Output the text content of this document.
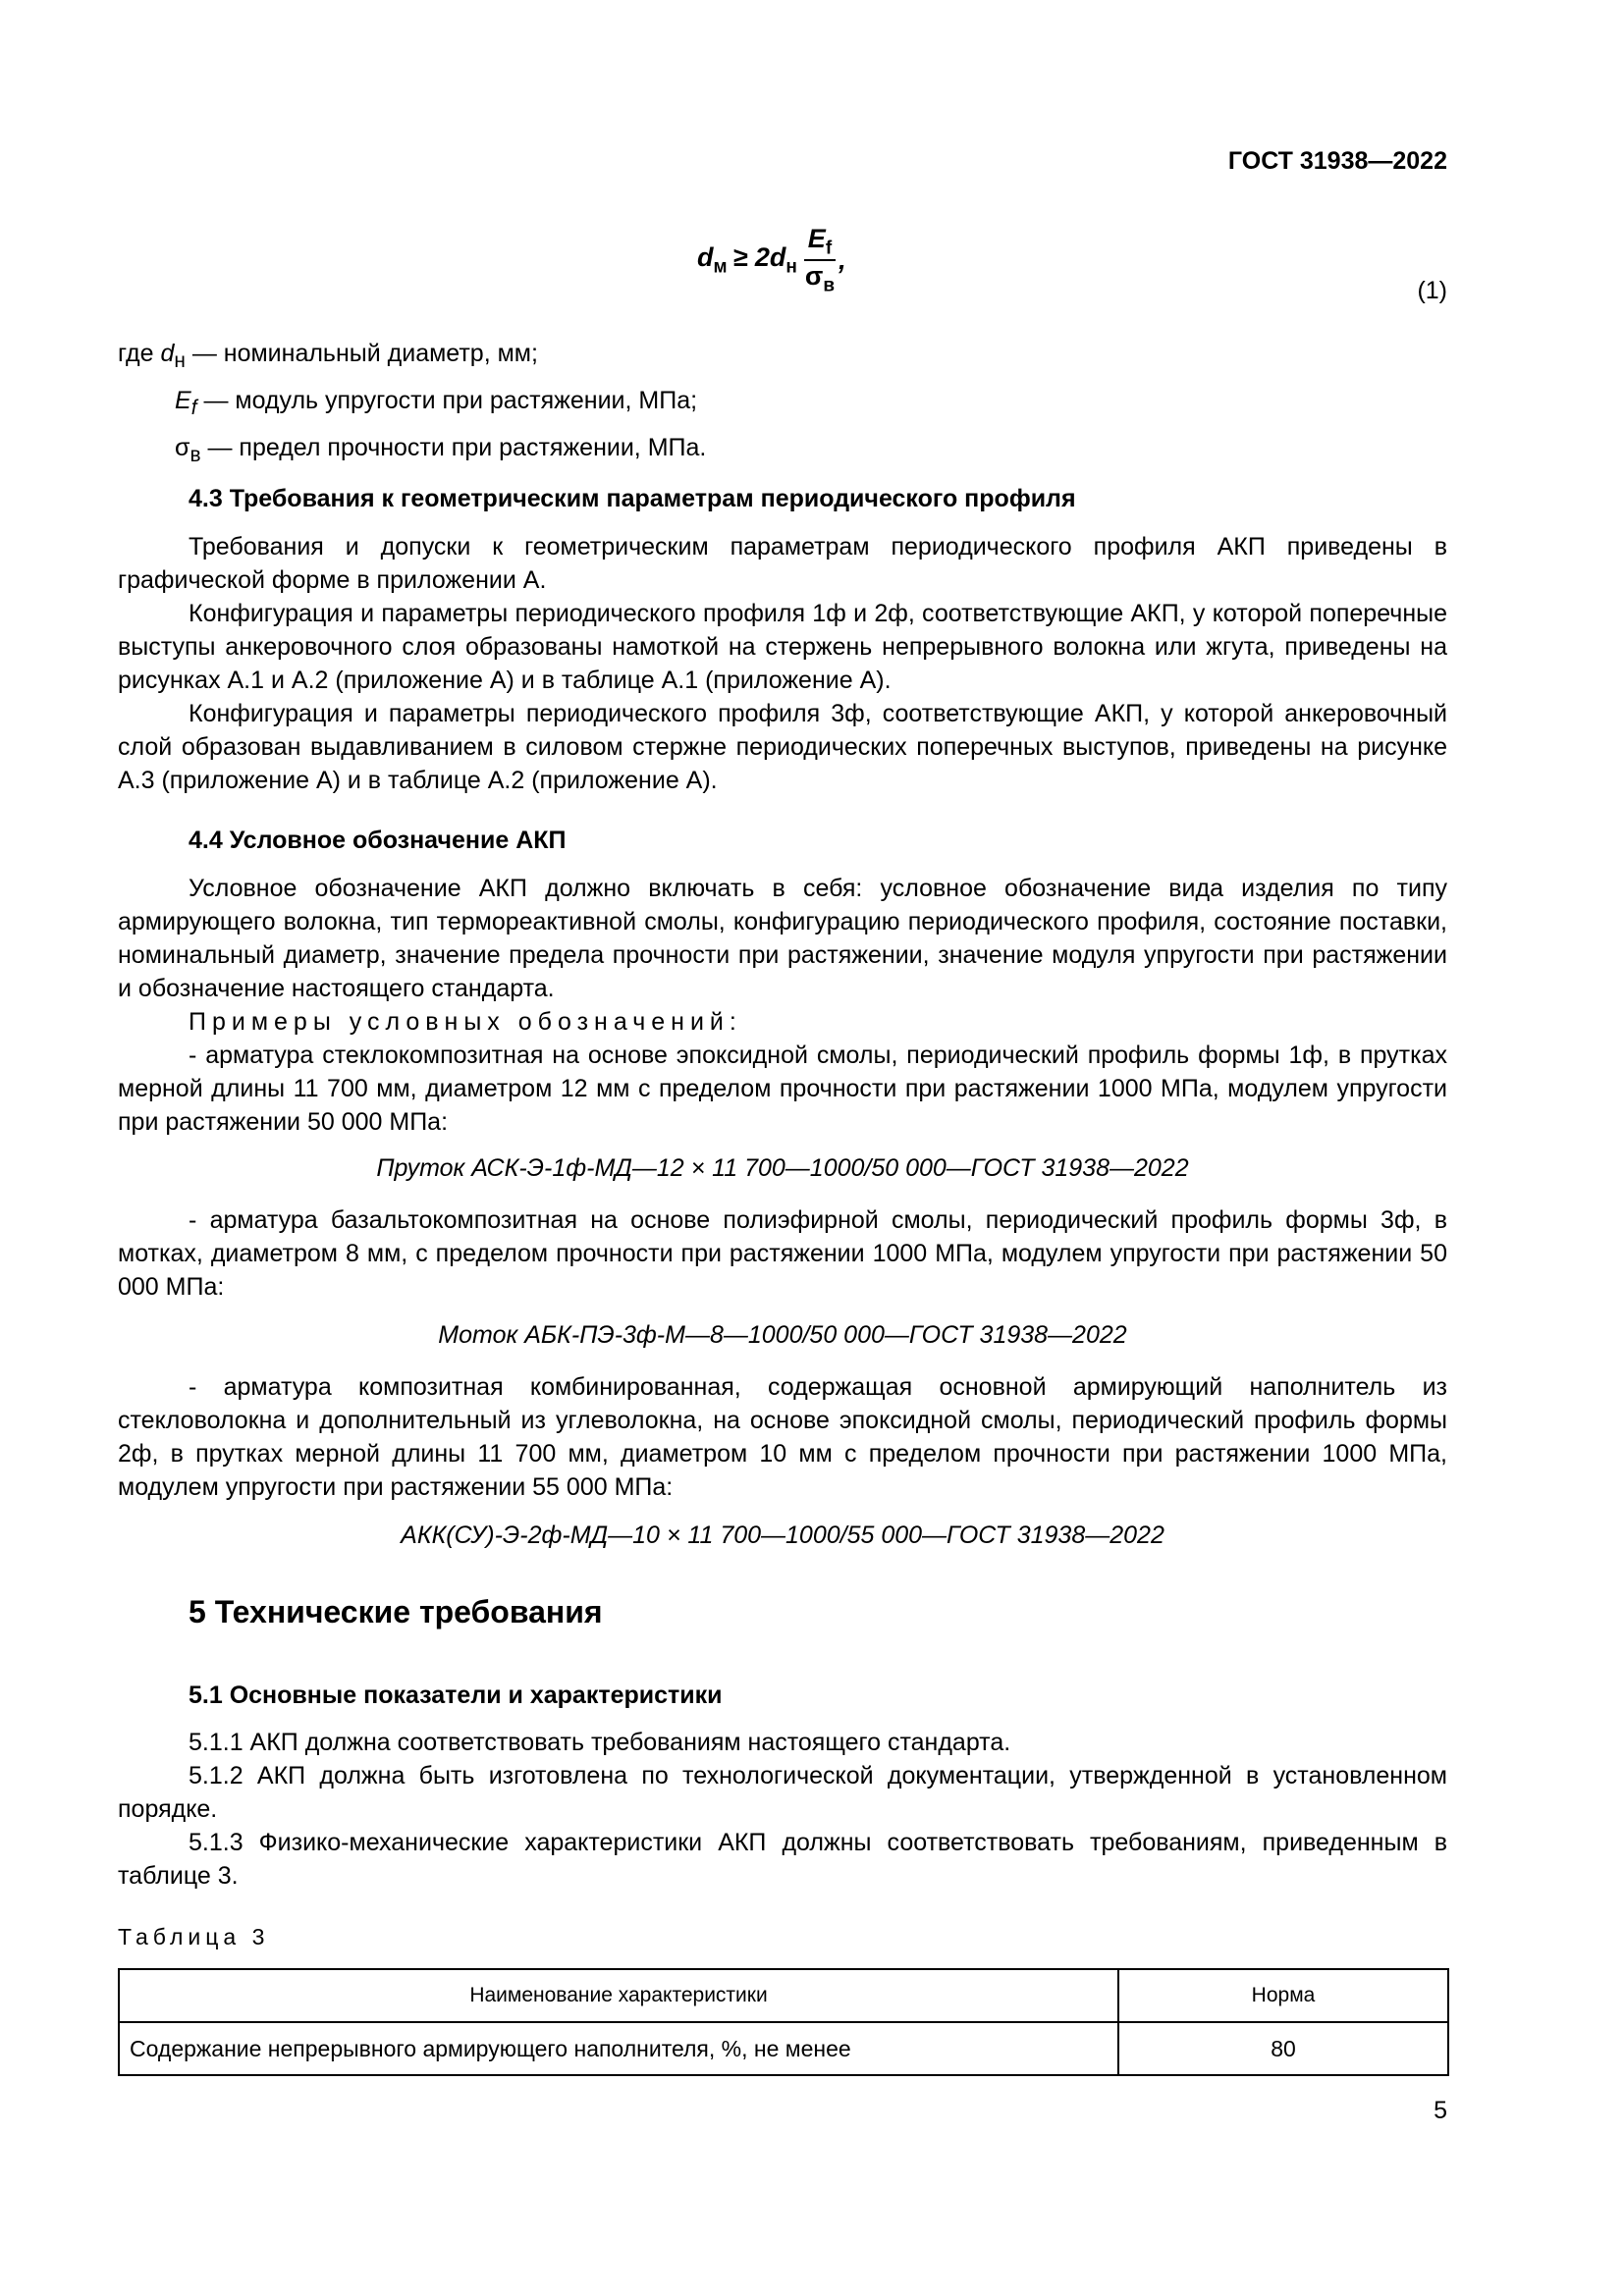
ГОСТ 31938—2022
$d_м \ge 2d_н \frac{E_f}{\sigma_в}$ ,
(1)
где $d_н$ — номинальный диаметр, мм;
$E_f$ — модуль упругости при растяжении, МПа;
$\sigma_в$ — предел прочности при растяжении, МПа.
4.3 Требования к геометрическим параметрам периодического профиля

Требования и допуски к геометрическим параметрам периодического профиля АКП приведены в графической форме в приложении А.

Конфигурация и параметры периодического профиля 1ф и 2ф, соответствующие АКП, у которой поперечные выступы анкеровочного слоя образованы намоткой на стержень непрерывного волокна или жгута, приведены на рисунках А.1 и А.2 (приложение А) и в таблице А.1 (приложение А).

Конфигурация и параметры периодического профиля 3ф, соответствующие АКП, у которой анкеровочный слой образован выдавливанием в силовом стержне периодических поперечных выступов, приведены на рисунке А.3 (приложение А) и в таблице А.2 (приложение А).

4.4 Условное обозначение АКП

Условное обозначение АКП должно включать в себя: условное обозначение вида изделия по типу армирующего волокна, тип термореактивной смолы, конфигурацию периодического профиля, состояние поставки, номинальный диаметр, значение предела прочности при растяжении, значение модуля упругости при растяжении и обозначение настоящего стандарта.

Примеры условных обозначений:

- арматура стеклокомпозитная на основе эпоксидной смолы, периодический профиль формы 1ф, в прутках мерной длины 11 700 мм, диаметром 12 мм с пределом прочности при растяжении 1000 МПа, модулем упругости при растяжении 50 000 МПа:

Пруток АСК-Э-1ф-МД—12 × 11 700—1000/50 000—ГОСТ 31938—2022

- арматура базальтокомпозитная на основе полиэфирной смолы, периодический профиль формы 3ф, в мотках, диаметром 8 мм, с пределом прочности при растяжении 1000 МПа, модулем упругости при растяжении 50 000 МПа:

Моток АБК-ПЭ-3ф-М—8—1000/50 000—ГОСТ 31938—2022

- арматура композитная комбинированная, содержащая основной армирующий наполнитель из стекловолокна и дополнительный из углеволокна, на основе эпоксидной смолы, периодический профиль формы 2ф, в прутках мерной длины 11 700 мм, диаметром 10 мм с пределом прочности при растяжении 1000 МПа, модулем упругости при растяжении 55 000 МПа:

АКК(СУ)-Э-2ф-МД—10 × 11 700—1000/55 000—ГОСТ 31938—2022
5 Технические требования
5.1 Основные показатели и характеристики

5.1.1 АКП должна соответствовать требованиям настоящего стандарта.

5.1.2 АКП должна быть изготовлена по технологической документации, утвержденной в установленном порядке.

5.1.3 Физико-механические характеристики АКП должны соответствовать требованиям, приведенным в таблице 3.

Таблица 3
Наименование характеристики	Норма
Содержание непрерывного армирующего наполнителя, %, не менее	80
5
